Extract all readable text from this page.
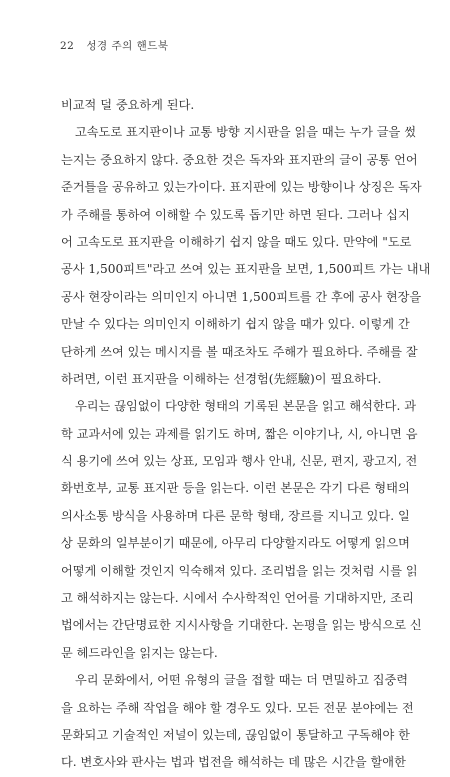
22 성경 주의 핸드북
비교적 덜 중요하게 된다.
고속도로 표지판이나 교통 방향 지시판을 읽을 때는 누가 글을 썼
는지는 중요하지 않다. 중요한 것은 독자와 표지판의 글이 공통 언어
준거틀을 공유하고 있는가이다. 표지판에 있는 방향이나 상징은 독자
가 주해를 통하여 이해할 수 있도록 돕기만 하면 된다. 그러나 십지
어 고속도로 표지판을 이해하기 쉽지 않을 때도 있다. 만약에 "도로
공사 1,500피트"라고 쓰여 있는 표지판을 보면, 1,500피트 가는 내내
공사 현장이라는 의미인지 아니면 1,500피트를 간 후에 공사 현장을
만날 수 있다는 의미인지 이해하기 쉽지 않을 때가 있다. 이렇게 간
단하게 쓰여 있는 메시지를 볼 때조차도 주해가 필요하다. 주해를 잘
하려면, 이런 표지판을 이해하는 선경험(先經驗)이 필요하다.
우리는 끊임없이 다양한 형태의 기록된 본문을 읽고 해석한다. 과
학 교과서에 있는 과제를 읽기도 하며, 짧은 이야기나, 시, 아니면 음
식 용기에 쓰여 있는 상표, 모임과 행사 안내, 신문, 편지, 광고지, 전
화번호부, 교통 표지판 등을 읽는다. 이런 본문은 각기 다른 형태의
의사소통 방식을 사용하며 다른 문학 형태, 장르를 지니고 있다. 일
상 문화의 일부분이기 때문에, 아무리 다양할지라도 어떻게 읽으며
어떻게 이해할 것인지 익숙해져 있다. 조리법을 읽는 것처럼 시를 읽
고 해석하지는 않는다. 시에서 수사학적인 언어를 기대하지만, 조리
법에서는 간단명료한 지시사항을 기대한다. 논평을 읽는 방식으로 신
문 헤드라인을 읽지는 않는다.
우리 문화에서, 어떤 유형의 글을 접할 때는 더 면밀하고 집중력
을 요하는 주해 작업을 해야 할 경우도 있다. 모든 전문 분야에는 전
문화되고 기술적인 저널이 있는데, 끊임없이 통달하고 구독해야 한
다. 변호사와 판사는 법과 법전을 해석하는 데 많은 시간을 할애한
